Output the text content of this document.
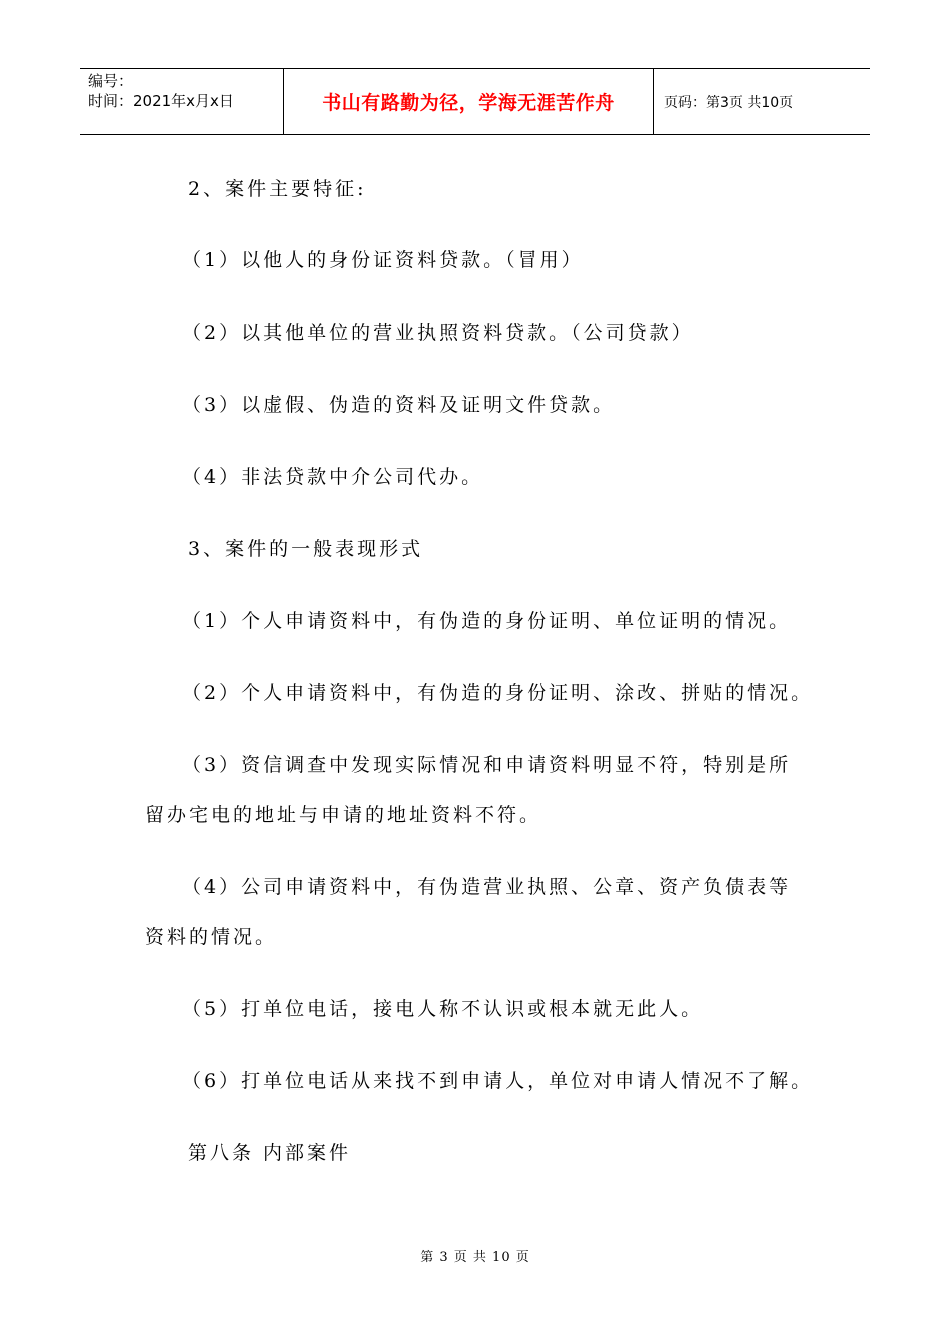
编号：
时间：2021年x月x日	书山有路勤为径，学海无涯苦作舟	页码：第3页 共10页
2、案件主要特征:
（1）以他人的身份证资料贷款。（冒用）
（2）以其他单位的营业执照资料贷款。（公司贷款）
（3）以虚假、伪造的资料及证明文件贷款。
（4）非法贷款中介公司代办。
3、案件的一般表现形式
（1）个人申请资料中，有伪造的身份证明、单位证明的情况。
（2）个人申请资料中，有伪造的身份证明、涂改、拼贴的情况。
（3）资信调查中发现实际情况和申请资料明显不符，特别是所
留办宅电的地址与申请的地址资料不符。
（4）公司申请资料中，有伪造营业执照、公章、资产负债表等
资料的情况。
（5）打单位电话，接电人称不认识或根本就无此人。
（6）打单位电话从来找不到申请人，单位对申请人情况不了解。
第八条 内部案件
第 3 页 共 10 页
